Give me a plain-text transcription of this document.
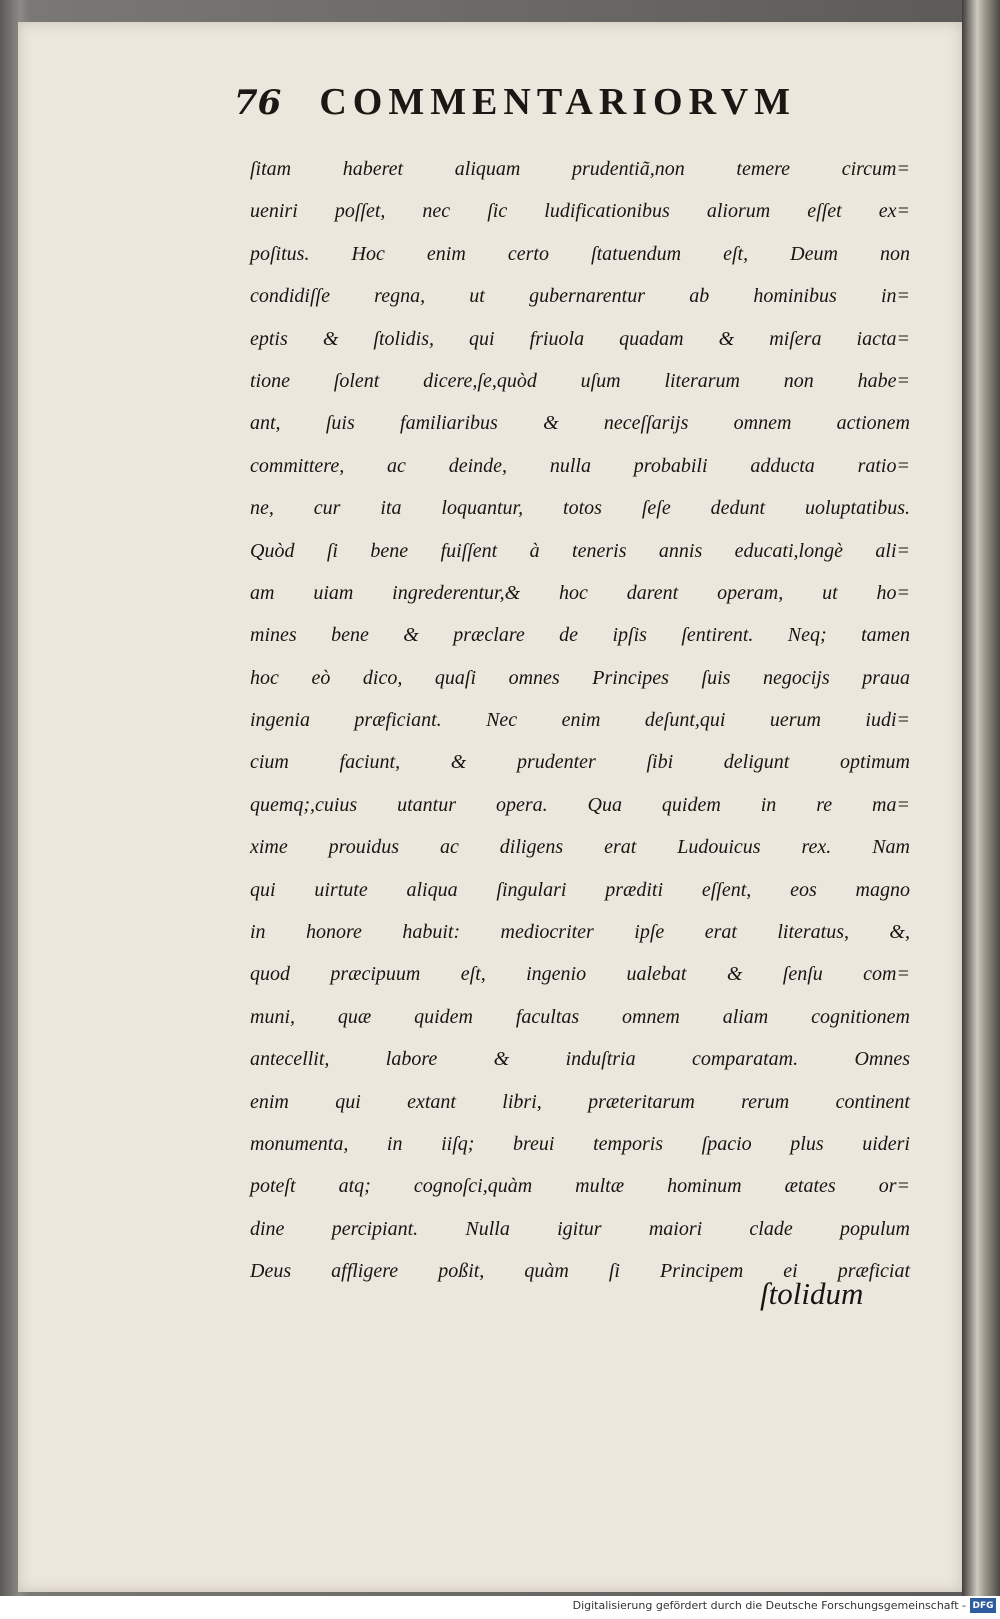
76 COMMENTARIORVM
ſitam haberet aliquam prudentiã,non temere circum=
ueniri poſſet, nec ſic ludificationibus aliorum eſſet ex=
poſitus. Hoc enim certo ſtatuendum eſt, Deum non
condidiſſe regna, ut gubernarentur ab hominibus in=
eptis & ſtolidis, qui friuola quadam & miſera iacta=
tione ſolent dicere,ſe,quòd uſum literarum non habe=
ant, ſuis familiaribus & neceſſarijs omnem actionem
committere, ac deinde, nulla probabili adducta ratio=
ne, cur ita loquantur, totos ſeſe dedunt uoluptatibus.
Quòd ſi bene fuiſſent à teneris annis educati,longè ali=
am uiam ingrederentur,& hoc darent operam, ut ho=
mines bene & præclare de ipſis ſentirent. Neq; tamen
hoc eò dico, quaſi omnes Principes ſuis negocijs praua
ingenia præficiant. Nec enim deſunt,qui uerum iudi=
cium faciunt, & prudenter ſibi deligunt optimum
quemq;,cuius utantur opera. Qua quidem in re ma=
xime prouidus ac diligens erat Ludouicus rex. Nam
qui uirtute aliqua ſingulari præditi eſſent, eos magno
in honore habuit: mediocriter ipſe erat literatus, &,
quod præcipuum eſt, ingenio ualebat & ſenſu com=
muni, quæ quidem facultas omnem aliam cognitionem
antecellit, labore & induſtria comparatam. Omnes
enim qui extant libri, præteritarum rerum continent
monumenta, in iiſq; breui temporis ſpacio plus uideri
poteſt atq; cognoſci,quàm multæ hominum ætates or=
dine percipiant. Nulla igitur maiori clade populum
Deus affligere poßit, quàm ſi Principem ei præficiat
ſtolidum
Digitalisierung gefördert durch die Deutsche Forschungsgemeinschaft - DFG
